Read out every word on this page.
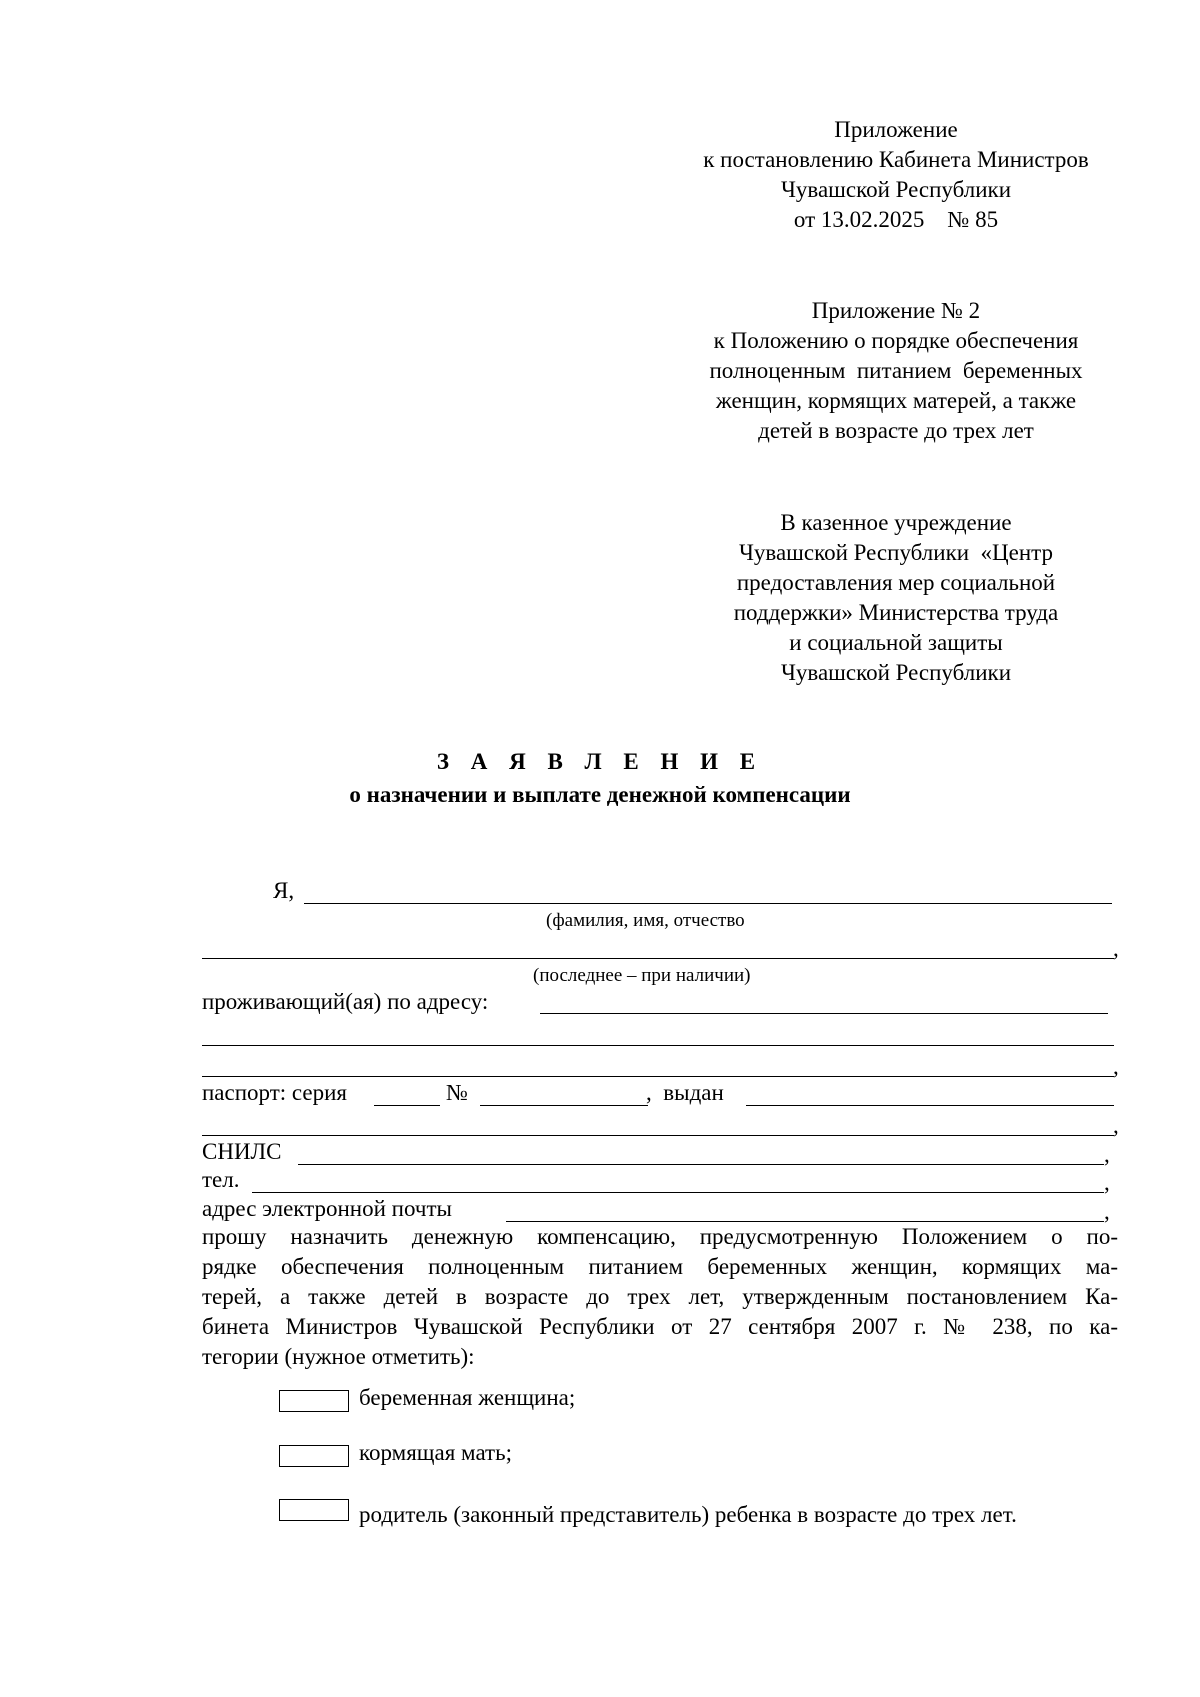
Приложение
к постановлению Кабинета Министров
Чувашской Республики
от 13.02.2025    № 85
Приложение № 2
к Положению о порядке обеспечения
полноценным  питанием  беременных
женщин, кормящих матерей, а также
детей в возрасте до трех лет
В казенное учреждение
Чувашской Республики  «Центр
предоставления мер социальной
поддержки» Министерства труда
и социальной защиты
Чувашской Республики
З А Я В Л Е Н И Е
о назначении и выплате денежной компенсации
Я,
(фамилия, имя, отчество
,
(последнее – при наличии)
проживающий(ая) по адресу:
,
паспорт: серия	№	,  выдан
,
СНИЛС	,
тел.	,
адрес электронной почты	,
прошу назначить денежную компенсацию, предусмотренную Положением о по-
рядке обеспечения полноценным питанием беременных женщин, кормящих ма-
терей, а также детей в возрасте до трех лет, утвержденным постановлением Ка-
бинета Министров Чувашской Республики от 27 сентября 2007 г. № 238, по ка-
тегории (нужное отметить):
беременная женщина;
кормящая мать;
родитель (законный представитель) ребенка в возрасте до трех лет.
